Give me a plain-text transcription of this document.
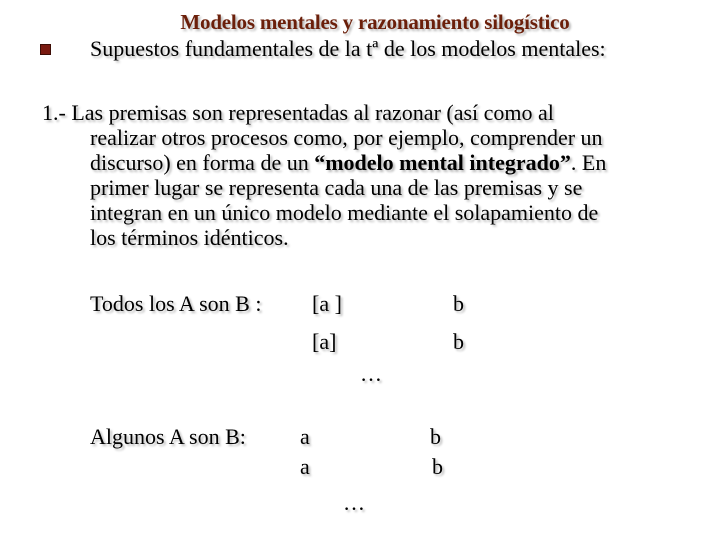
Modelos mentales y razonamiento silogístico
Supuestos fundamentales de la tª de los modelos mentales:
1.- Las premisas son representadas al razonar (así como al
realizar otros procesos como, por ejemplo, comprender un
discurso) en forma de un “modelo mental integrado”. En
primer lugar se representa cada una de las premisas y se
integran en un único modelo mediante el solapamiento de
los términos idénticos.
Todos los A son B : [a ]	b
[a]	b
…
Algunos A son B: a	b
a	b
…
